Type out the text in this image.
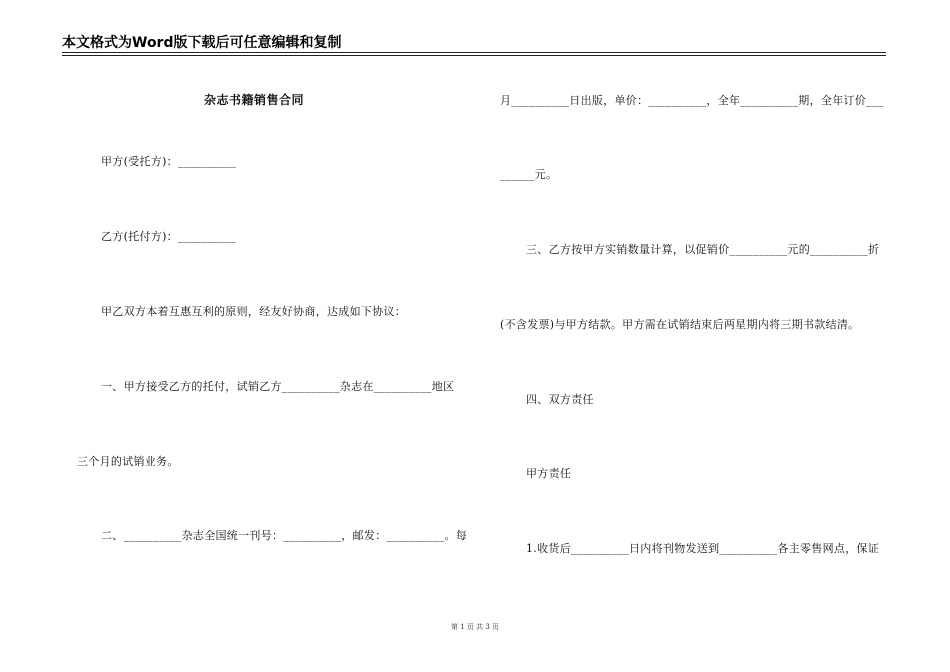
本文格式为Word版下载后可任意编辑和复制
杂志书籍销售合同
甲方(受托方)：__________
乙方(托付方)：__________
甲乙双方本着互惠互利的原则，经友好协商，达成如下协议：
一、甲方接受乙方的托付，试销乙方__________杂志在__________地区
三个月的试销业务。
二、__________杂志全国统一刊号：__________，邮发：__________。每
月__________日出版，单价：__________，全年__________期，全年订价___
______元。
三、乙方按甲方实销数量计算，以促销价__________元的__________折
(不含发票)与甲方结款。甲方需在试销结束后两星期内将三期书款结清。
四、双方责任
甲方责任
1.收货后__________日内将刊物发送到__________各主零售网点，保证
第 1 页 共 3 页
